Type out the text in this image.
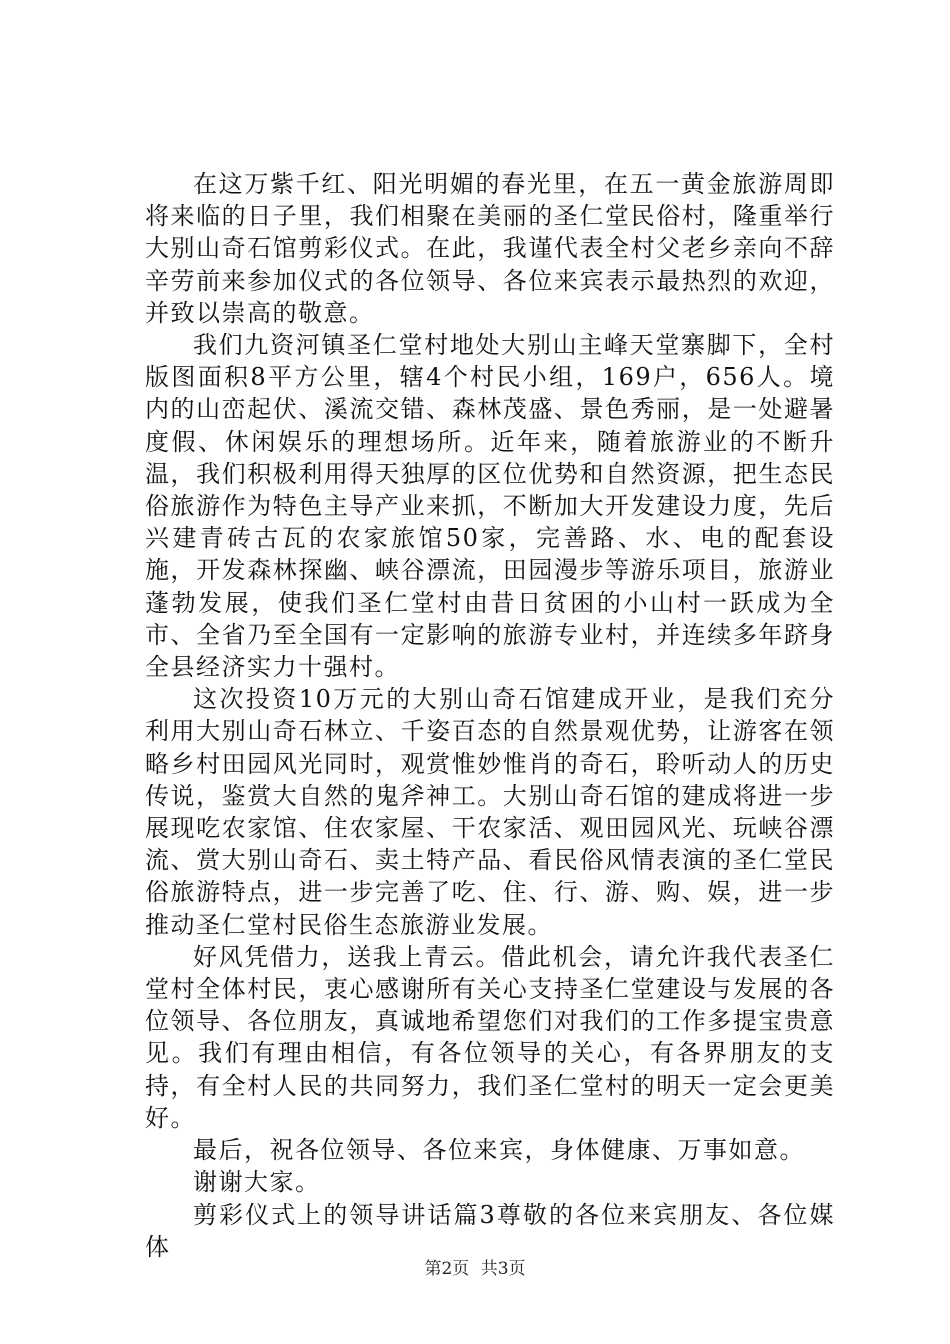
在这万紫千红、阳光明媚的春光里，在五一黄金旅游周即将来临的日子里，我们相聚在美丽的圣仁堂民俗村，隆重举行大别山奇石馆剪彩仪式。在此，我谨代表全村父老乡亲向不辞辛劳前来参加仪式的各位领导、各位来宾表示最热烈的欢迎，并致以崇高的敬意。

我们九资河镇圣仁堂村地处大别山主峰天堂寨脚下，全村版图面积8平方公里，辖4个村民小组，169户，656人。境内的山峦起伏、溪流交错、森林茂盛、景色秀丽，是一处避暑度假、休闲娱乐的理想场所。近年来，随着旅游业的不断升温，我们积极利用得天独厚的区位优势和自然资源，把生态民俗旅游作为特色主导产业来抓，不断加大开发建设力度，先后兴建青砖古瓦的农家旅馆50家，完善路、水、电的配套设施，开发森林探幽、峡谷漂流，田园漫步等游乐项目，旅游业蓬勃发展，使我们圣仁堂村由昔日贫困的小山村一跃成为全市、全省乃至全国有一定影响的旅游专业村，并连续多年跻身全县经济实力十强村。

这次投资10万元的大别山奇石馆建成开业，是我们充分利用大别山奇石林立、千姿百态的自然景观优势，让游客在领略乡村田园风光同时，观赏惟妙惟肖的奇石，聆听动人的历史传说，鉴赏大自然的鬼斧神工。大别山奇石馆的建成将进一步展现吃农家馆、住农家屋、干农家活、观田园风光、玩峡谷漂流、赏大别山奇石、卖土特产品、看民俗风情表演的圣仁堂民俗旅游特点，进一步完善了吃、住、行、游、购、娱，进一步推动圣仁堂村民俗生态旅游业发展。

好风凭借力，送我上青云。借此机会，请允许我代表圣仁堂村全体村民，衷心感谢所有关心支持圣仁堂建设与发展的各位领导、各位朋友，真诚地希望您们对我们的工作多提宝贵意见。我们有理由相信，有各位领导的关心，有各界朋友的支持，有全村人民的共同努力，我们圣仁堂村的明天一定会更美好。

最后，祝各位领导、各位来宾，身体健康、万事如意。

谢谢大家。

剪彩仪式上的领导讲话篇3尊敬的各位来宾朋友、各位媒体

第2页 共3页
